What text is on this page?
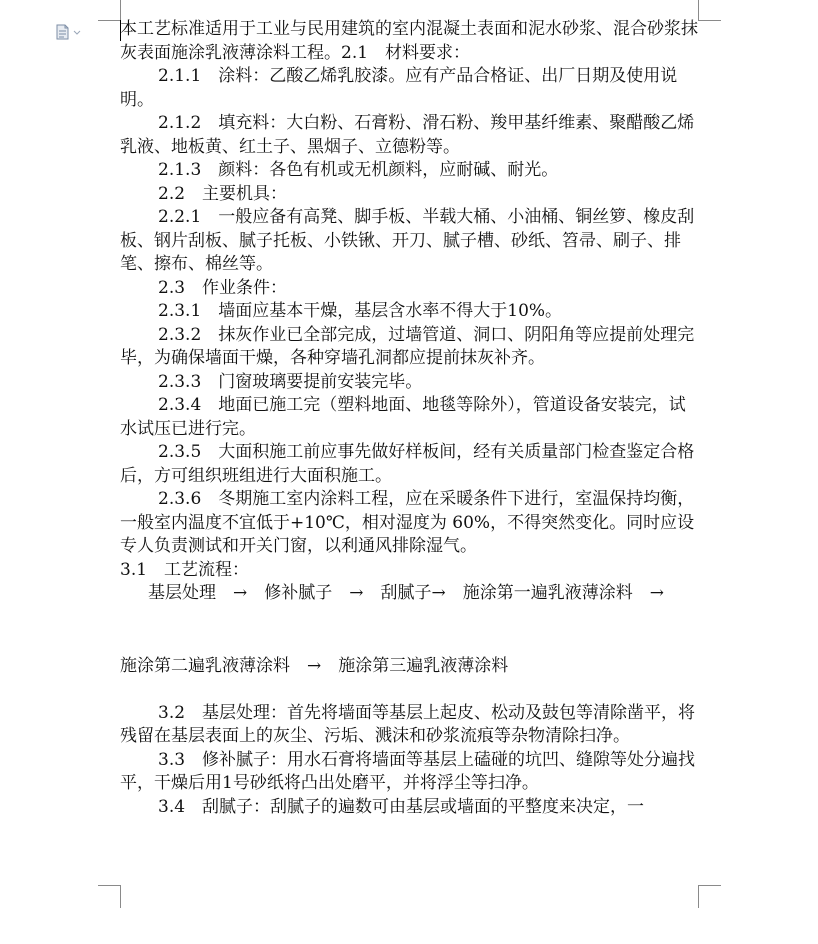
本工艺标准适用于工业与民用建筑的室内混凝土表面和泥水砂浆、混合砂浆抹灰表面施涂乳液薄涂料工程。2.1　材料要求：

2.1.1　涂料：乙酸乙烯乳胶漆。应有产品合格证、出厂日期及使用说明。

2.1.2　填充料：大白粉、石膏粉、滑石粉、羧甲基纤维素、聚醋酸乙烯乳液、地板黄、红土子、黑烟子、立德粉等。

2.1.3　颜料：各色有机或无机颜料，应耐碱、耐光。

2.2　主要机具：

2.2.1　一般应备有高凳、脚手板、半载大桶、小油桶、铜丝箩、橡皮刮板、钢片刮板、腻子托板、小铁锹、开刀、腻子槽、砂纸、笤帚、刷子、排笔、擦布、棉丝等。

2.3　作业条件：

2.3.1　墙面应基本干燥，基层含水率不得大于10%。

2.3.2　抹灰作业已全部完成，过墙管道、洞口、阴阳角等应提前处理完毕，为确保墙面干燥，各种穿墙孔洞都应提前抹灰补齐。

2.3.3　门窗玻璃要提前安装完毕。

2.3.4　地面已施工完（塑料地面、地毯等除外），管道设备安装完，试水试压已进行完。

2.3.5　大面积施工前应事先做好样板间，经有关质量部门检查鉴定合格后，方可组织班组进行大面积施工。

2.3.6　冬期施工室内涂料工程，应在采暖条件下进行，室温保持均衡，一般室内温度不宜低于+10℃，相对湿度为 60%，不得突然变化。同时应设专人负责测试和开关门窗，以利通风排除湿气。

3.1　工艺流程：

基层处理　→　修补腻子　→　刮腻子→　施涂第一遍乳液薄涂料　→

施涂第二遍乳液薄涂料　→　施涂第三遍乳液薄涂料

3.2　基层处理：首先将墙面等基层上起皮、松动及鼓包等清除凿平，将残留在基层表面上的灰尘、污垢、溅沫和砂浆流痕等杂物清除扫净。

3.3　修补腻子：用水石膏将墙面等基层上磕碰的坑凹、缝隙等处分遍找平，干燥后用1号砂纸将凸出处磨平，并将浮尘等扫净。

3.4　刮腻子：刮腻子的遍数可由基层或墙面的平整度来决定，一
